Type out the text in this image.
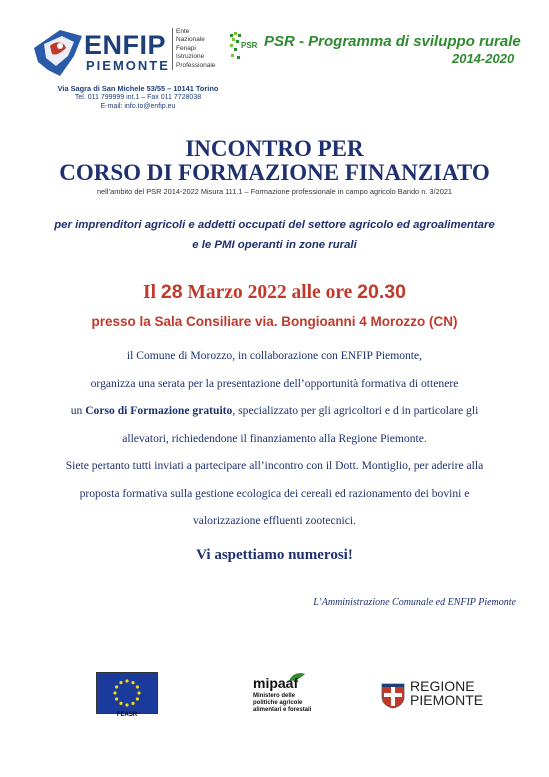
ENFIP
PIEMONTE
Ente
Nazionale
Fenapi
Istruzione
Professionale
Via Sagra di San Michele 53/55 – 10141 Torino
Tel. 011 799999 int.1 – Fax 011 7728038
E-mail: info.to@enfip.eu
PSR PSR - Programma di sviluppo rurale
2014-2020
INCONTRO PER
CORSO DI FORMAZIONE FINANZIATO
nell’ambito del PSR 2014-2022 Misura 111.1 – Formazione professionale in campo agricolo Bando n. 3/2021
per imprenditori agricoli e addetti occupati del settore agricolo ed agroalimentare
e le PMI operanti in zone rurali
Il 28 Marzo 2022 alle ore 20.30
presso la Sala Consiliare via. Bongioanni 4 Morozzo (CN)
il Comune di Morozzo, in collaborazione con ENFIP Piemonte,
organizza una serata per la presentazione dell’opportunità formativa di ottenere
un Corso di Formazione gratuito, specializzato per gli agricoltori e d in particolare gli
allevatori, richiedendone il finanziamento alla Regione Piemonte.
Siete pertanto tutti inviati a partecipare all’incontro con il Dott. Montiglio, per aderire alla
proposta formativa sulla gestione ecologica dei cereali ed razionamento dei bovini e
valorizzazione effluenti zootecnici.
Vi aspettiamo numerosi!
L’Amministrazione Comunale ed ENFIP Piemonte
FEASR
mipaaf
Ministero delle
politiche agricole
alimentari e forestali
REGIONE
PIEMONTE
